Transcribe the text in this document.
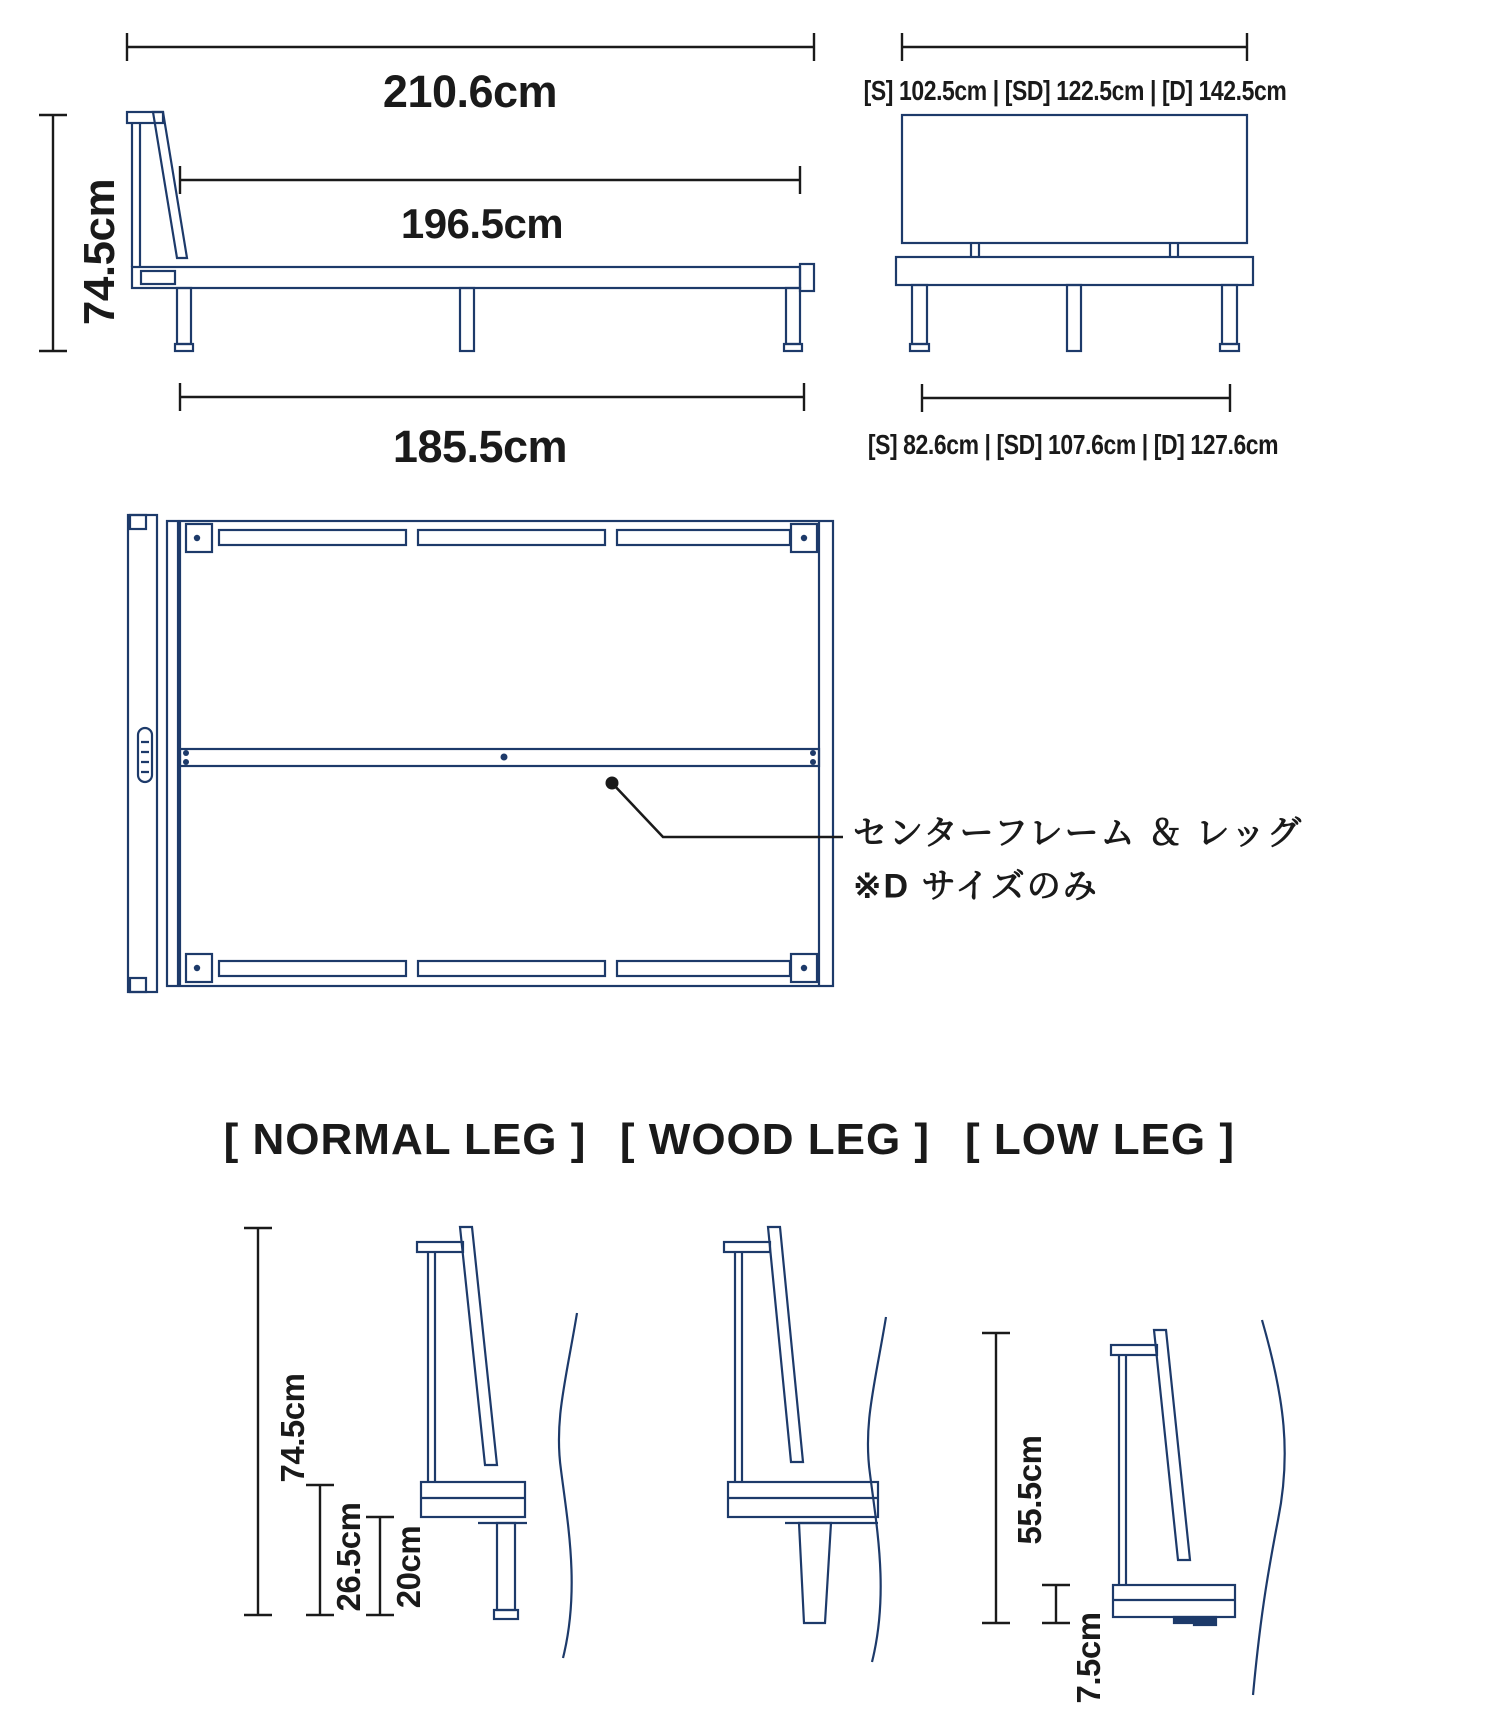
210.6cm
196.5cm
74.5cm
185.5cm
[S] 102.5cm | [SD] 122.5cm | [D] 142.5cm
[S] 82.6cm | [SD] 107.6cm | [D] 127.6cm
センターフレーム ＆ レッグ
※D サイズのみ
[ NORMAL LEG ] [ WOOD LEG ] [ LOW LEG ]
74.5cm
26.5cm 20cm
55.5cm
7.5cm
